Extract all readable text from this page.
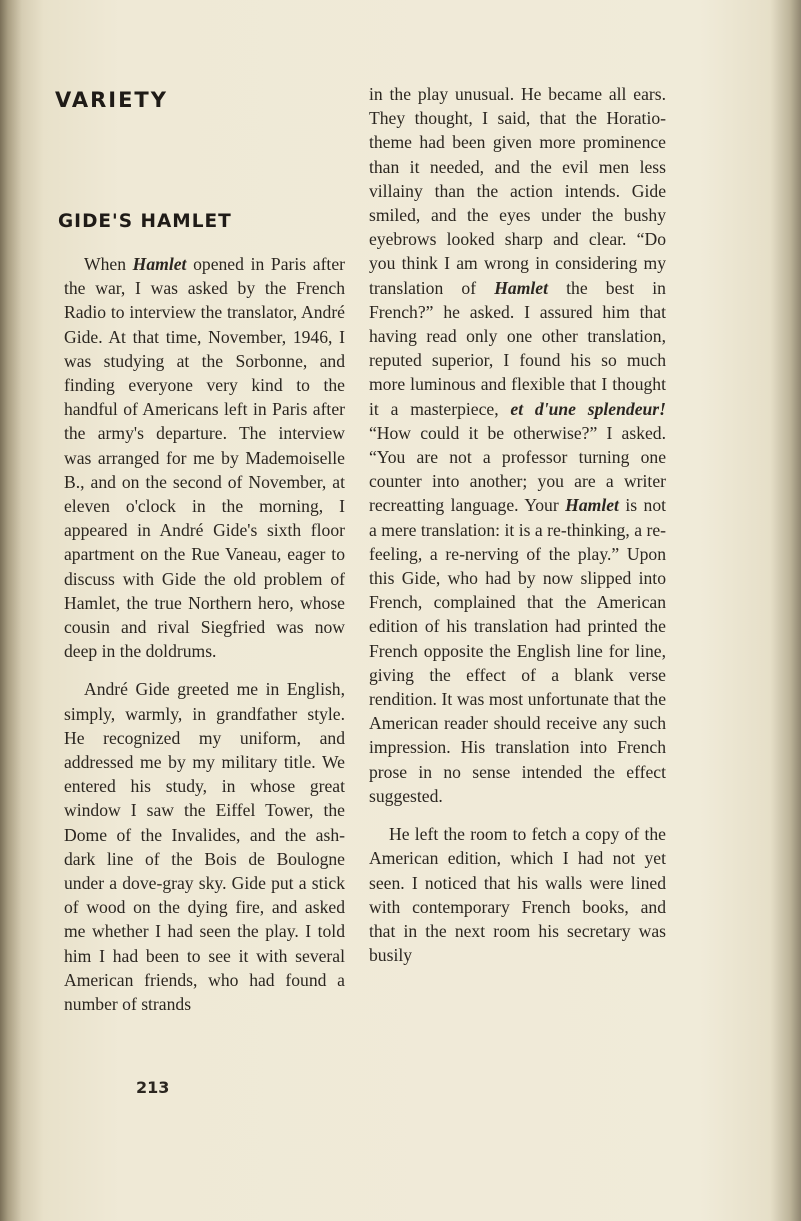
VARIETY
GIDE'S HAMLET

When Hamlet opened in Paris after the war, I was asked by the French Radio to interview the translator, André Gide. At that time, November, 1946, I was studying at the Sorbonne, and finding everyone very kind to the handful of Americans left in Paris after the army's departure. The interview was arranged for me by Mademoiselle B., and on the second of November, at eleven o'clock in the morning, I appeared in André Gide's sixth floor apartment on the Rue Vaneau, eager to discuss with Gide the old problem of Hamlet, the true Northern hero, whose cousin and rival Siegfried was now deep in the doldrums.

André Gide greeted me in English, simply, warmly, in grandfather style. He recognized my uniform, and addressed me by my military title. We entered his study, in whose great window I saw the Eiffel Tower, the Dome of the Invalides, and the ash-dark line of the Bois de Boulogne under a dove-gray sky. Gide put a stick of wood on the dying fire, and asked me whether I had seen the play. I told him I had been to see it with several American friends, who had found a number of strands

in the play unusual. He became all ears. They thought, I said, that the Horatio-theme had been given more prominence than it needed, and the evil men less villainy than the action intends. Gide smiled, and the eyes under the bushy eyebrows looked sharp and clear. “Do you think I am wrong in considering my translation of Hamlet the best in French?” he asked. I assured him that having read only one other translation, reputed superior, I found his so much more luminous and flexible that I thought it a masterpiece, et d'une splendeur! “How could it be otherwise?” I asked. “You are not a professor turning one counter into another; you are a writer recreatting language. Your Hamlet is not a mere translation: it is a re-thinking, a re-feeling, a re-nerving of the play.” Upon this Gide, who had by now slipped into French, complained that the American edition of his translation had printed the French opposite the English line for line, giving the effect of a blank verse rendition. It was most unfortunate that the American reader should receive any such impression. His translation into French prose in no sense intended the effect suggested.

He left the room to fetch a copy of the American edition, which I had not yet seen. I noticed that his walls were lined with contemporary French books, and that in the next room his secretary was busily

213
